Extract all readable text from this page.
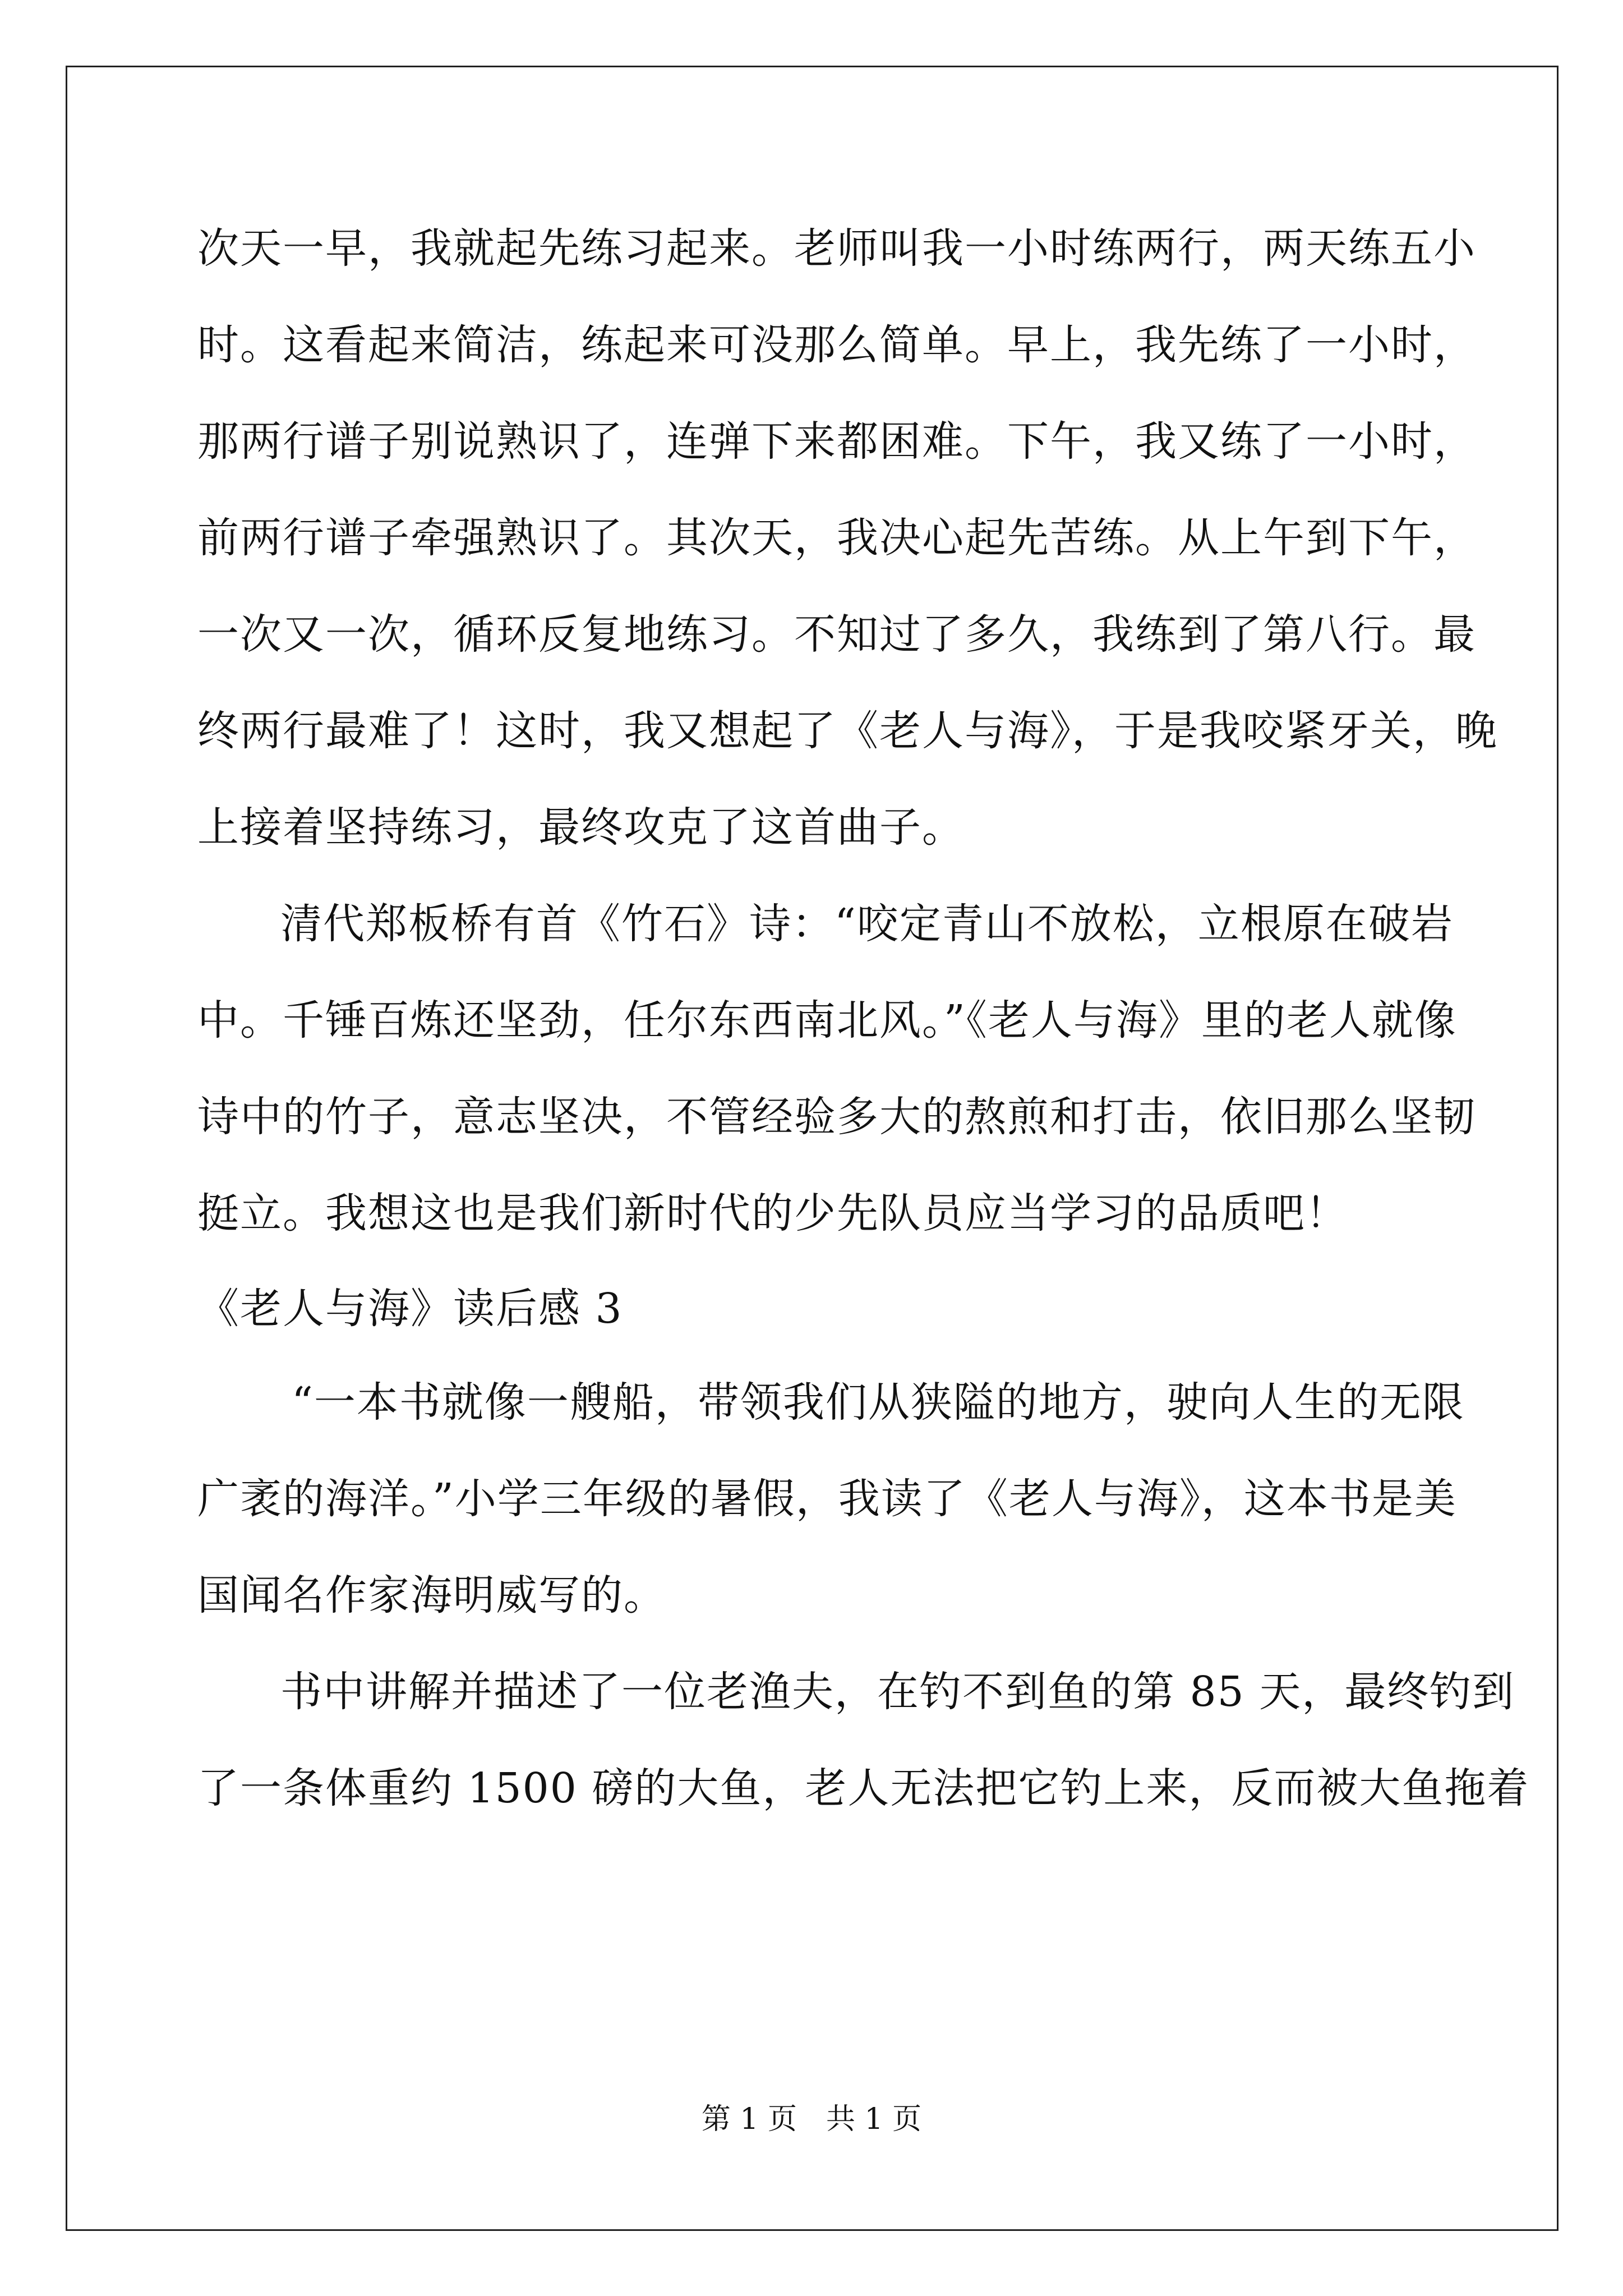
次天一早，我就起先练习起来。老师叫我一小时练两行，两天练五小
时。这看起来简洁，练起来可没那么简单。早上，我先练了一小时，
那两行谱子别说熟识了，连弹下来都困难。下午，我又练了一小时，
前两行谱子牵强熟识了。其次天，我决心起先苦练。从上午到下午，
一次又一次，循环反复地练习。不知过了多久，我练到了第八行。最
终两行最难了！这时，我又想起了《老人与海》，于是我咬紧牙关，晚
上接着坚持练习，最终攻克了这首曲子。
清代郑板桥有首《竹石》诗：“咬定青山不放松，立根原在破岩
中。千锤百炼还坚劲，任尔东西南北风。”《老人与海》里的老人就像
诗中的竹子，意志坚决，不管经验多大的熬煎和打击，依旧那么坚韧
挺立。我想这也是我们新时代的少先队员应当学习的品质吧！
《老人与海》读后感 3
“一本书就像一艘船，带领我们从狭隘的地方，驶向人生的无限
广袤的海洋。”小学三年级的暑假，我读了《老人与海》，这本书是美
国闻名作家海明威写的。
书中讲解并描述了一位老渔夫，在钓不到鱼的第 85 天，最终钓到
了一条体重约 1500 磅的大鱼，老人无法把它钓上来，反而被大鱼拖着
第 1 页　共 1 页
